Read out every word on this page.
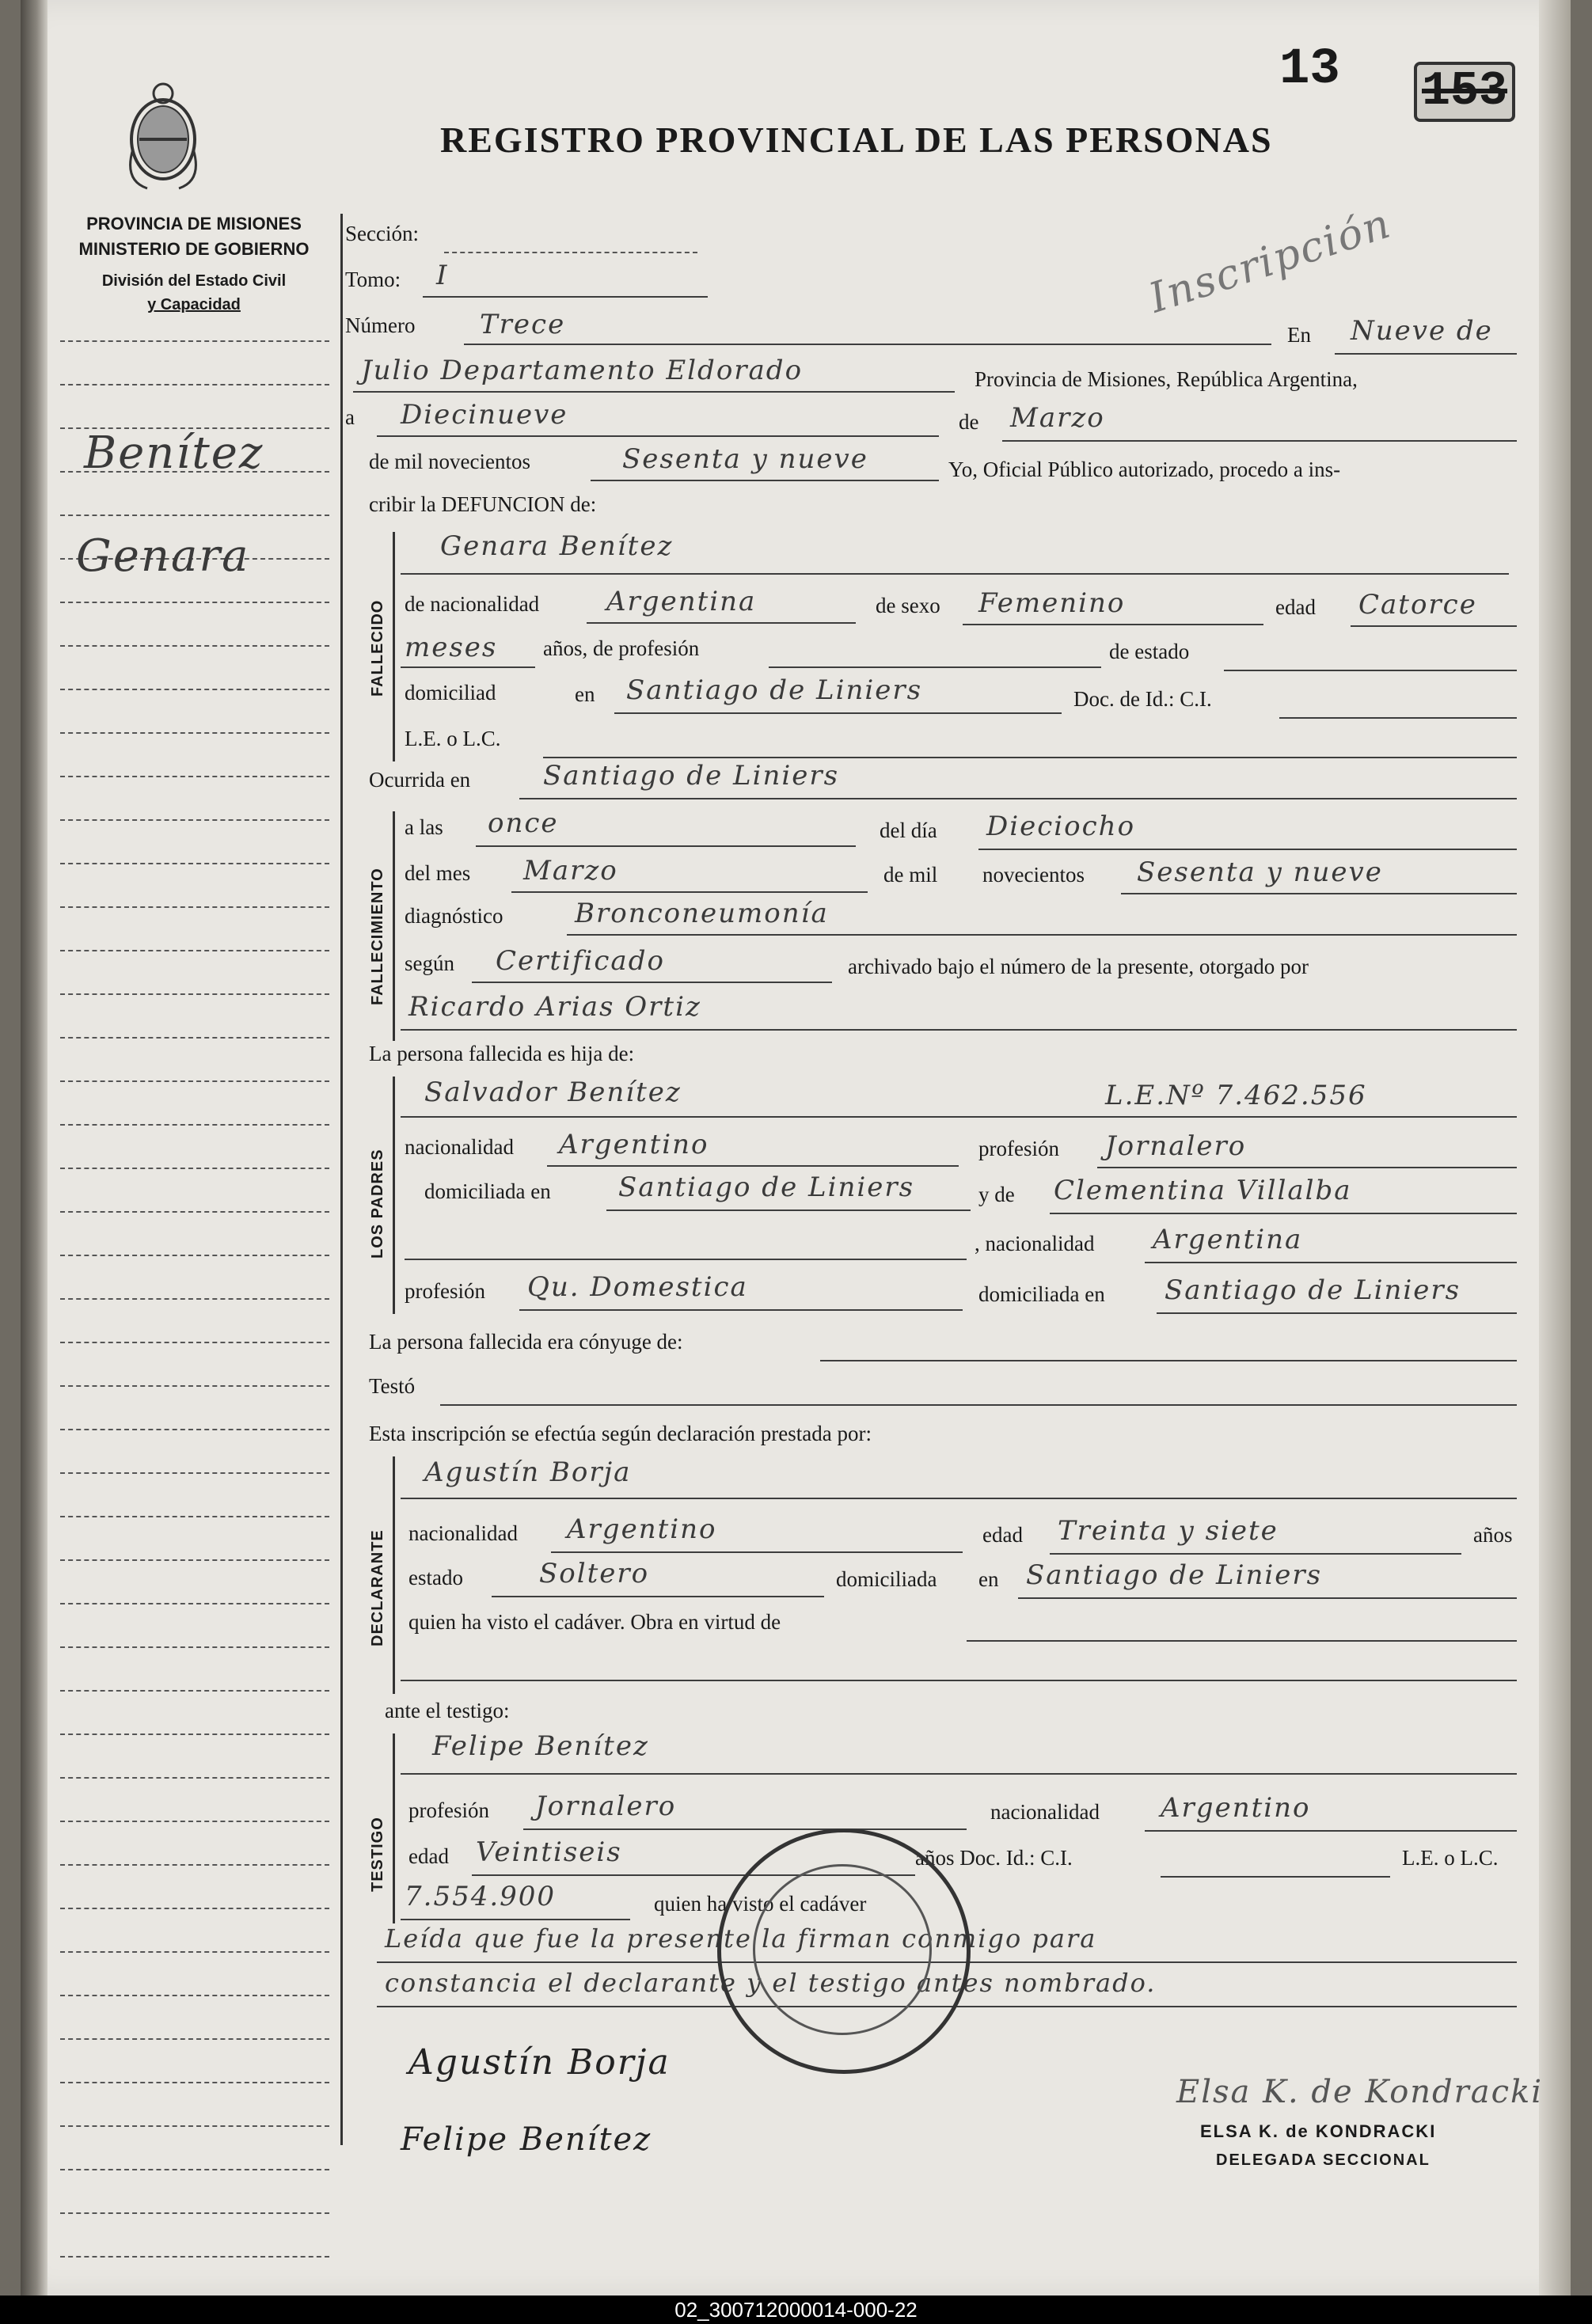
PROVINCIA DE MISIONES
MINISTERIO DE GOBIERNO
División del Estado Civil
y Capacidad
Benítez
Genara
13 153
REGISTRO PROVINCIAL DE LAS PERSONAS
Inscripción
Sección:
Tomo: I
Número Trece	En Nueve de
Julio Departamento Eldorado	Provincia de Misiones, República Argentina,
a Diecinueve	de Marzo
de mil novecientos	Sesenta y nueve	Yo, Oficial Público autorizado, procedo a ins-
cribir la DEFUNCION de:
FALLECIDO
Genara Benítez
de nacionalidad Argentina	de sexo Femenino	edad Catorce
meses años, de profesión	de estado
domiciliad	en Santiago de Liniers	Doc. de Id.: C.I.
L.E. o L.C.
Ocurrida en	Santiago de Liniers
FALLECIMIENTO
a las once	del día Dieciocho
del mes Marzo	de mil novecientos Sesenta y nueve
diagnóstico	Bronconeumonía
según Certificado	archivado bajo el número de la presente, otorgado por
Ricardo Arias Ortiz
La persona fallecida es hija de:
LOS PADRES
Salvador Benítez	L.E.Nº 7.462.556
nacionalidad Argentino	profesión Jornalero
domiciliada en	Santiago de Liniers	y de Clementina Villalba
, nacionalidad Argentina
profesión Qu. Domestica	domiciliada en Santiago de Liniers
La persona fallecida era cónyuge de:
Testó
Esta inscripción se efectúa según declaración prestada por:
DECLARANTE
Agustín Borja
nacionalidad Argentino	edad Treinta y siete	años
estado	Soltero	domiciliada en Santiago de Liniers
quien ha visto el cadáver. Obra en virtud de
ante el testigo:
TESTIGO
Felipe Benítez
profesión Jornalero	nacionalidad Argentino
edad Veintiseis	años Doc. Id.: C.I.	L.E. o L.C.
7.554.900	quien ha visto el cadáver
Leída que fue la presente la firman conmigo para
constancia el declarante y el testigo antes nombrado.
Agustín Borja
Felipe Benítez
Elsa K. de Kondracki
ELSA K. de KONDRACKI
DELEGADA SECCIONAL
02_300712000014-000-22
